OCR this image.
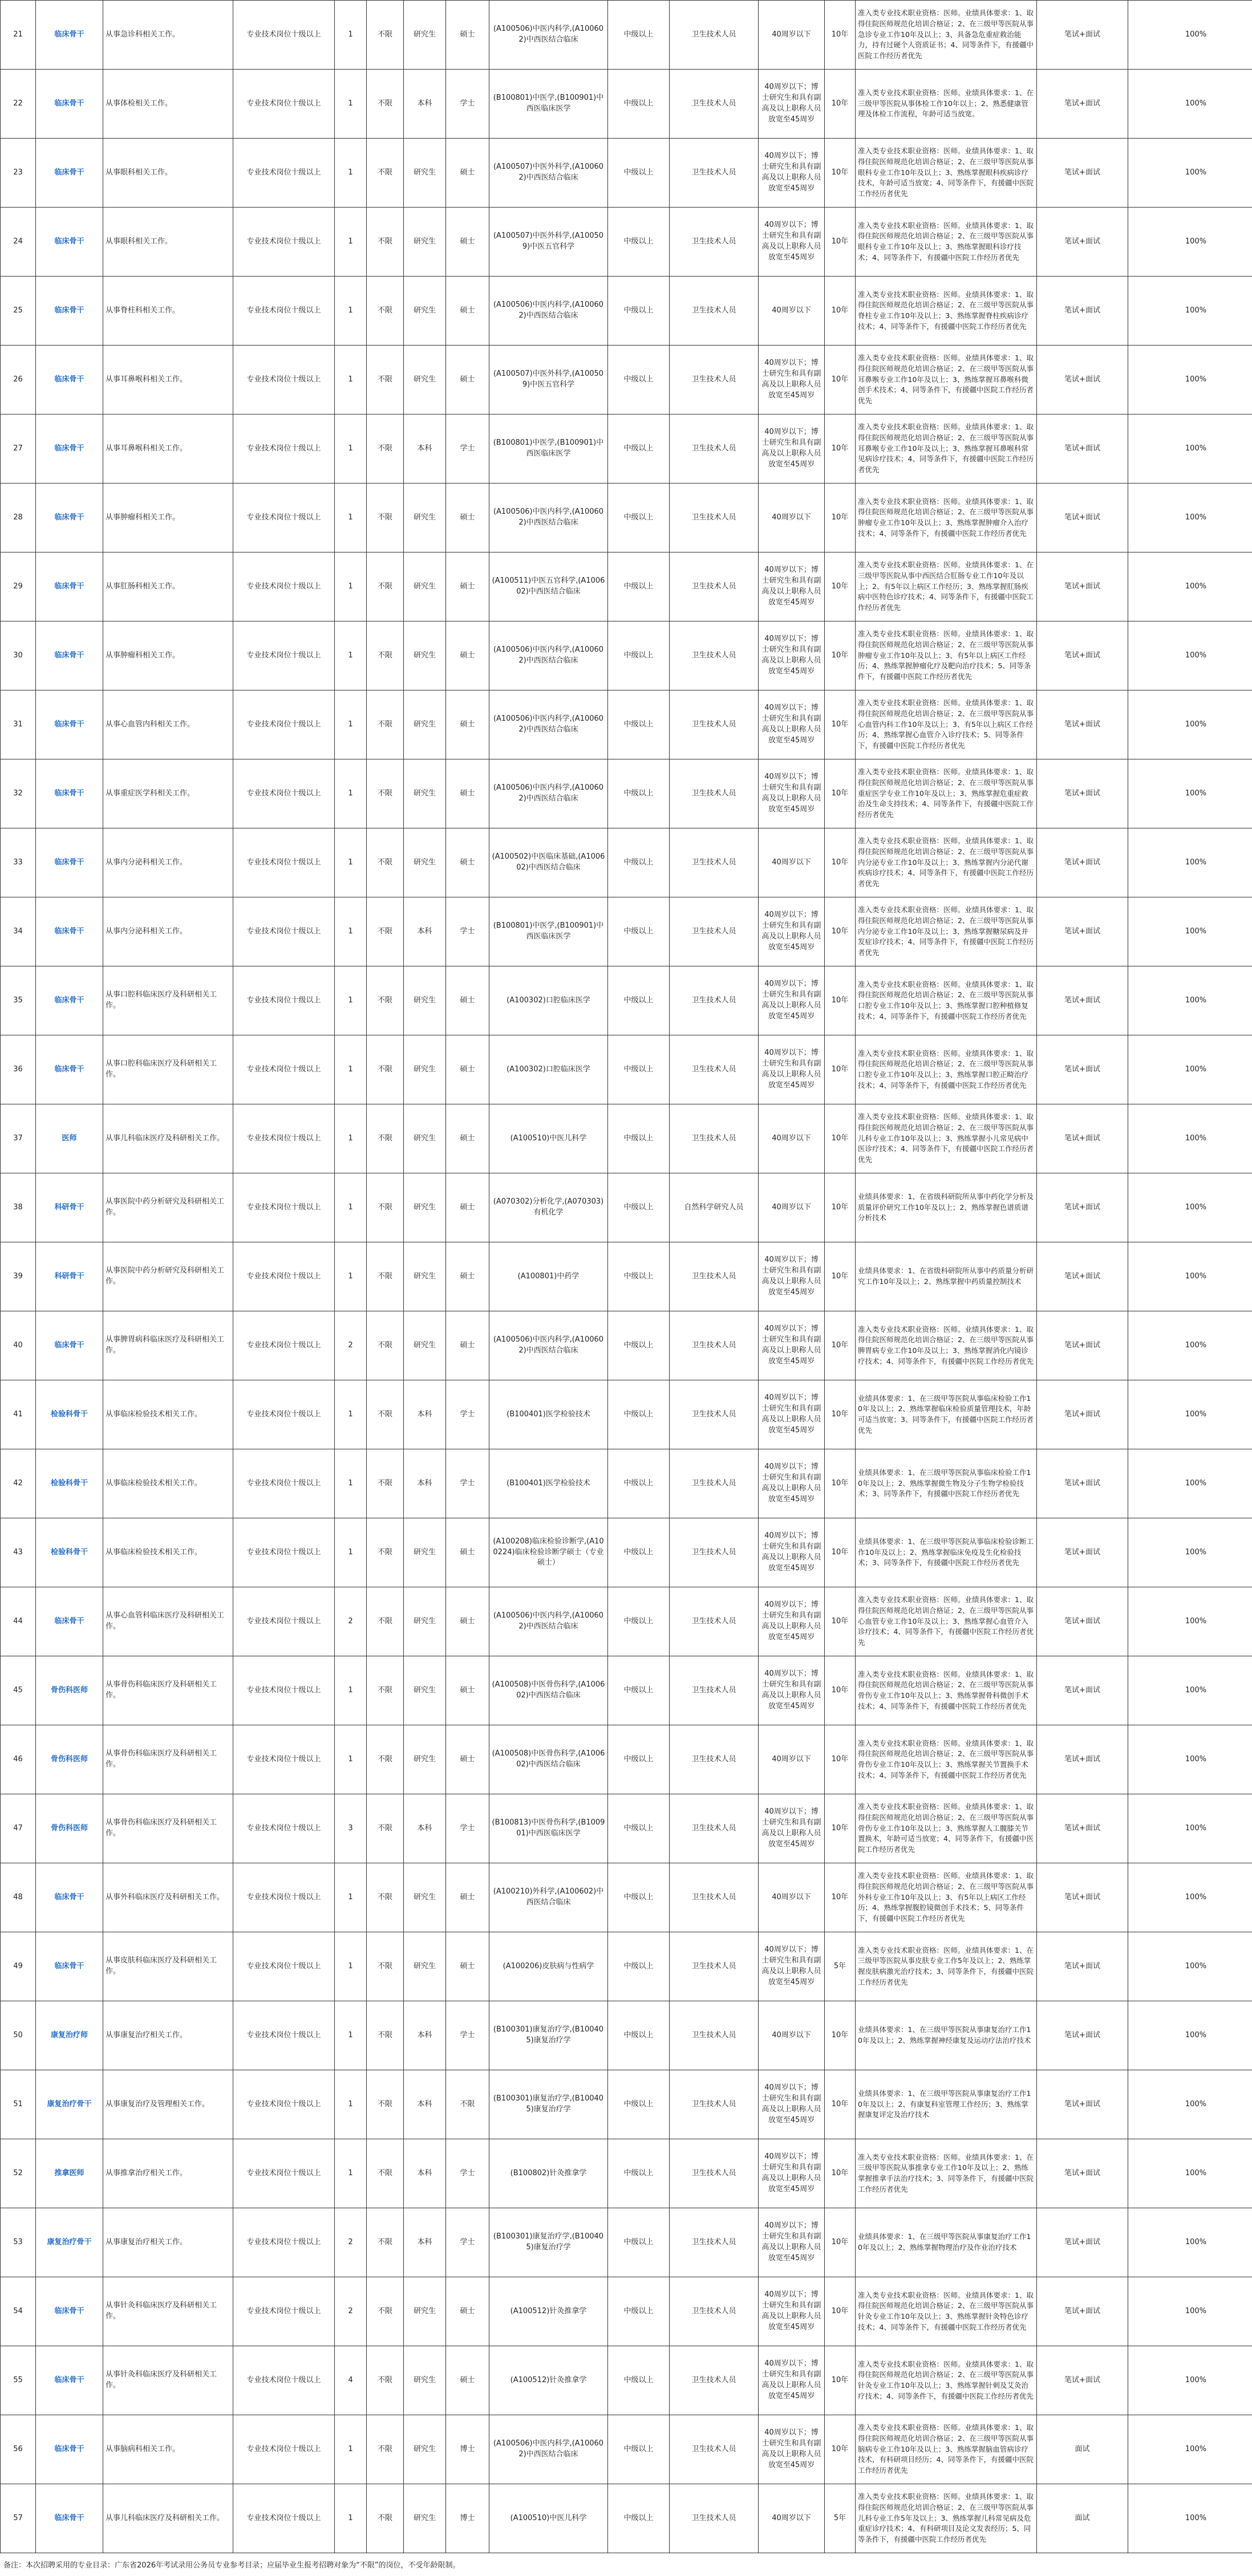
21	临床骨干	从事急诊科相关工作。	专业技术岗位十级以上	1	不限	研究生	硕士	(A100506)中医内科学,(A100602)中西医结合临床	中级以上	卫生技术人员	40周岁以下	10年	准入类专业技术职业资格：医师。业绩具体要求：1、取得住院医师规范化培训合格证；2、在三级甲等医院从事急诊专业工作10年及以上；3、具备急危重症救治能力，持有过硬个人资质证书；4、同等条件下，有援疆中医院工作经历者优先	笔试+面试	100%
22	临床骨干	从事体检相关工作。	专业技术岗位十级以上	1	不限	本科	学士	(B100801)中医学,(B100901)中西医临床医学	中级以上	卫生技术人员	40周岁以下；博士研究生和具有副高及以上职称人员放宽至45周岁	10年	准入类专业技术职业资格：医师。业绩具体要求：1、在三级甲等医院从事体检工作10年以上；2、熟悉健康管理及体检工作流程，年龄可适当放宽。	笔试+面试	100%
23	临床骨干	从事眼科相关工作。	专业技术岗位十级以上	1	不限	研究生	硕士	(A100507)中医外科学,(A100602)中西医结合临床	中级以上	卫生技术人员	40周岁以下；博士研究生和具有副高及以上职称人员放宽至45周岁	10年	准入类专业技术职业资格：医师。业绩具体要求：1、取得住院医师规范化培训合格证；2、在三级甲等医院从事眼科专业工作10年及以上；3、熟练掌握眼科疾病诊疗技术，年龄可适当放宽；4、同等条件下，有援疆中医院工作经历者优先	笔试+面试	100%
24	临床骨干	从事眼科相关工作。	专业技术岗位十级以上	1	不限	研究生	硕士	(A100507)中医外科学,(A100509)中医五官科学	中级以上	卫生技术人员	40周岁以下；博士研究生和具有副高及以上职称人员放宽至45周岁	10年	准入类专业技术职业资格：医师。业绩具体要求：1、取得住院医师规范化培训合格证；2、在三级甲等医院从事眼科专业工作10年及以上；3、熟练掌握眼科诊疗技术；4、同等条件下，有援疆中医院工作经历者优先	笔试+面试	100%
25	临床骨干	从事脊柱科相关工作。	专业技术岗位十级以上	1	不限	研究生	硕士	(A100506)中医内科学,(A100602)中西医结合临床	中级以上	卫生技术人员	40周岁以下	10年	准入类专业技术职业资格：医师。业绩具体要求：1、取得住院医师规范化培训合格证；2、在三级甲等医院从事脊柱专业工作10年及以上；3、熟练掌握脊柱疾病诊疗技术；4、同等条件下，有援疆中医院工作经历者优先	笔试+面试	100%
26	临床骨干	从事耳鼻喉科相关工作。	专业技术岗位十级以上	1	不限	研究生	硕士	(A100507)中医外科学,(A100509)中医五官科学	中级以上	卫生技术人员	40周岁以下；博士研究生和具有副高及以上职称人员放宽至45周岁	10年	准入类专业技术职业资格：医师。业绩具体要求：1、取得住院医师规范化培训合格证；2、在三级甲等医院从事耳鼻喉专业工作10年及以上；3、熟练掌握耳鼻喉科微创手术技术；4、同等条件下，有援疆中医院工作经历者优先	笔试+面试	100%
27	临床骨干	从事耳鼻喉科相关工作。	专业技术岗位十级以上	1	不限	本科	学士	(B100801)中医学,(B100901)中西医临床医学	中级以上	卫生技术人员	40周岁以下；博士研究生和具有副高及以上职称人员放宽至45周岁	10年	准入类专业技术职业资格：医师。业绩具体要求：1、取得住院医师规范化培训合格证；2、在三级甲等医院从事耳鼻喉专业工作10年及以上；3、熟练掌握耳鼻喉科常见病诊疗技术；4、同等条件下，有援疆中医院工作经历者优先	笔试+面试	100%
28	临床骨干	从事肿瘤科相关工作。	专业技术岗位十级以上	1	不限	研究生	硕士	(A100506)中医内科学,(A100602)中西医结合临床	中级以上	卫生技术人员	40周岁以下	10年	准入类专业技术职业资格：医师。业绩具体要求：1、取得住院医师规范化培训合格证；2、在三级甲等医院从事肿瘤专业工作10年及以上；3、熟练掌握肿瘤介入治疗技术；4、同等条件下，有援疆中医院工作经历者优先	笔试+面试	100%
29	临床骨干	从事肛肠科相关工作。	专业技术岗位十级以上	1	不限	研究生	硕士	(A100511)中医五官科学,(A100602)中西医结合临床	中级以上	卫生技术人员	40周岁以下；博士研究生和具有副高及以上职称人员放宽至45周岁	10年	准入类专业技术职业资格：医师。业绩具体要求：1、在三级甲等医院从事中西医结合肛肠专业工作10年及以上；2、有5年以上病区工作经历；3、熟练掌握肛肠疾病中医特色诊疗技术；4、同等条件下，有援疆中医院工作经历者优先	笔试+面试	100%
30	临床骨干	从事肿瘤科相关工作。	专业技术岗位十级以上	1	不限	研究生	硕士	(A100506)中医内科学,(A100602)中西医结合临床	中级以上	卫生技术人员	40周岁以下；博士研究生和具有副高及以上职称人员放宽至45周岁	10年	准入类专业技术职业资格：医师。业绩具体要求：1、取得住院医师规范化培训合格证；2、在三级甲等医院从事肿瘤专业工作10年及以上；3、有5年以上病区工作经历；4、熟练掌握肿瘤化疗及靶向治疗技术；5、同等条件下，有援疆中医院工作经历者优先	笔试+面试	100%
31	临床骨干	从事心血管内科相关工作。	专业技术岗位十级以上	1	不限	研究生	硕士	(A100506)中医内科学,(A100602)中西医结合临床	中级以上	卫生技术人员	40周岁以下；博士研究生和具有副高及以上职称人员放宽至45周岁	10年	准入类专业技术职业资格：医师。业绩具体要求：1、取得住院医师规范化培训合格证；2、在三级甲等医院从事心血管内科工作10年及以上；3、有5年以上病区工作经历；4、熟练掌握心血管介入诊疗技术；5、同等条件下，有援疆中医院工作经历者优先	笔试+面试	100%
32	临床骨干	从事重症医学科相关工作。	专业技术岗位十级以上	1	不限	研究生	硕士	(A100506)中医内科学,(A100602)中西医结合临床	中级以上	卫生技术人员	40周岁以下；博士研究生和具有副高及以上职称人员放宽至45周岁	10年	准入类专业技术职业资格：医师。业绩具体要求：1、取得住院医师规范化培训合格证；2、在三级甲等医院从事重症医学专业工作10年及以上；3、熟练掌握危重症救治及生命支持技术；4、同等条件下，有援疆中医院工作经历者优先	笔试+面试	100%
33	临床骨干	从事内分泌科相关工作。	专业技术岗位十级以上	1	不限	研究生	硕士	(A100502)中医临床基础,(A100602)中西医结合临床	中级以上	卫生技术人员	40周岁以下	10年	准入类专业技术职业资格：医师。业绩具体要求：1、取得住院医师规范化培训合格证；2、在三级甲等医院从事内分泌专业工作10年及以上；3、熟练掌握内分泌代谢疾病诊疗技术；4、同等条件下，有援疆中医院工作经历者优先	笔试+面试	100%
34	临床骨干	从事内分泌科相关工作。	专业技术岗位十级以上	1	不限	本科	学士	(B100801)中医学,(B100901)中西医临床医学	中级以上	卫生技术人员	40周岁以下；博士研究生和具有副高及以上职称人员放宽至45周岁	10年	准入类专业技术职业资格：医师。业绩具体要求：1、取得住院医师规范化培训合格证；2、在三级甲等医院从事内分泌专业工作10年及以上；3、熟练掌握糖尿病及并发症诊疗技术；4、同等条件下，有援疆中医院工作经历者优先	笔试+面试	100%
35	临床骨干	从事口腔科临床医疗及科研相关工作。	专业技术岗位十级以上	1	不限	研究生	硕士	(A100302)口腔临床医学	中级以上	卫生技术人员	40周岁以下；博士研究生和具有副高及以上职称人员放宽至45周岁	10年	准入类专业技术职业资格：医师。业绩具体要求：1、取得住院医师规范化培训合格证；2、在三级甲等医院从事口腔专业工作10年及以上；3、熟练掌握口腔种植修复技术；4、同等条件下，有援疆中医院工作经历者优先	笔试+面试	100%
36	临床骨干	从事口腔科临床医疗及科研相关工作。	专业技术岗位十级以上	1	不限	研究生	硕士	(A100302)口腔临床医学	中级以上	卫生技术人员	40周岁以下；博士研究生和具有副高及以上职称人员放宽至45周岁	10年	准入类专业技术职业资格：医师。业绩具体要求：1、取得住院医师规范化培训合格证；2、在三级甲等医院从事口腔专业工作10年及以上；3、熟练掌握口腔正畸治疗技术；4、同等条件下，有援疆中医院工作经历者优先	笔试+面试	100%
37	医师	从事儿科临床医疗及科研相关工作。	专业技术岗位十级以上	1	不限	研究生	硕士	(A100510)中医儿科学	中级以上	卫生技术人员	40周岁以下	10年	准入类专业技术职业资格：医师。业绩具体要求：1、取得住院医师规范化培训合格证；2、在三级甲等医院从事儿科专业工作10年及以上；3、熟练掌握小儿常见病中医诊疗技术；4、同等条件下，有援疆中医院工作经历者优先	笔试+面试	100%
38	科研骨干	从事医院中药分析研究及科研相关工作。	专业技术岗位十级以上	1	不限	研究生	硕士	(A070302)分析化学,(A070303)有机化学	中级以上	自然科学研究人员	40周岁以下	10年	业绩具体要求：1、在省级科研院所从事中药化学分析及质量评价研究工作10年及以上；2、熟练掌握色谱质谱分析技术	笔试+面试	100%
39	科研骨干	从事医院中药分析研究及科研相关工作。	专业技术岗位十级以上	1	不限	研究生	硕士	(A100801)中药学	中级以上	卫生技术人员	40周岁以下；博士研究生和具有副高及以上职称人员放宽至45周岁	10年	业绩具体要求：1、在省级科研院所从事中药质量分析研究工作10年及以上；2、熟练掌握中药质量控制技术	笔试+面试	100%
40	临床骨干	从事脾胃病科临床医疗及科研相关工作。	专业技术岗位十级以上	2	不限	研究生	硕士	(A100506)中医内科学,(A100602)中西医结合临床	中级以上	卫生技术人员	40周岁以下；博士研究生和具有副高及以上职称人员放宽至45周岁	10年	准入类专业技术职业资格：医师。业绩具体要求：1、取得住院医师规范化培训合格证；2、在三级甲等医院从事脾胃病专业工作10年及以上；3、熟练掌握消化内镜诊疗技术；4、同等条件下，有援疆中医院工作经历者优先	笔试+面试	100%
41	检验科骨干	从事临床检验技术相关工作。	专业技术岗位十级以上	1	不限	本科	学士	(B100401)医学检验技术	中级以上	卫生技术人员	40周岁以下；博士研究生和具有副高及以上职称人员放宽至45周岁	10年	业绩具体要求：1、在三级甲等医院从事临床检验工作10年及以上；2、熟练掌握临床检验质量管理技术，年龄可适当放宽；3、同等条件下，有援疆中医院工作经历者优先	笔试+面试	100%
42	检验科骨干	从事临床检验技术相关工作。	专业技术岗位十级以上	1	不限	本科	学士	(B100401)医学检验技术	中级以上	卫生技术人员	40周岁以下；博士研究生和具有副高及以上职称人员放宽至45周岁	10年	业绩具体要求：1、在三级甲等医院从事临床检验工作10年及以上；2、熟练掌握微生物及分子生物学检验技术；3、同等条件下，有援疆中医院工作经历者优先	笔试+面试	100%
43	检验科骨干	从事临床检验技术相关工作。	专业技术岗位十级以上	1	不限	研究生	硕士	(A100208)临床检验诊断学,(A100224)临床检验诊断学硕士（专业硕士）	中级以上	卫生技术人员	40周岁以下；博士研究生和具有副高及以上职称人员放宽至45周岁	10年	业绩具体要求：1、在三级甲等医院从事临床检验诊断工作10年及以上；2、熟练掌握临床免疫及生化检验技术；3、同等条件下，有援疆中医院工作经历者优先	笔试+面试	100%
44	临床骨干	从事心血管科临床医疗及科研相关工作。	专业技术岗位十级以上	2	不限	研究生	硕士	(A100506)中医内科学,(A100602)中西医结合临床	中级以上	卫生技术人员	40周岁以下；博士研究生和具有副高及以上职称人员放宽至45周岁	10年	准入类专业技术职业资格：医师。业绩具体要求：1、取得住院医师规范化培训合格证；2、在三级甲等医院从事心血管专业工作10年及以上；3、熟练掌握心血管介入诊疗技术；4、同等条件下，有援疆中医院工作经历者优先	笔试+面试	100%
45	骨伤科医师	从事骨伤科临床医疗及科研相关工作。	专业技术岗位十级以上	1	不限	研究生	硕士	(A100508)中医骨伤科学,(A100602)中西医结合临床	中级以上	卫生技术人员	40周岁以下；博士研究生和具有副高及以上职称人员放宽至45周岁	10年	准入类专业技术职业资格：医师。业绩具体要求：1、取得住院医师规范化培训合格证；2、在三级甲等医院从事骨伤专业工作10年及以上；3、熟练掌握骨科微创手术技术；4、同等条件下，有援疆中医院工作经历者优先	笔试+面试	100%
46	骨伤科医师	从事骨伤科临床医疗及科研相关工作。	专业技术岗位十级以上	1	不限	研究生	硕士	(A100508)中医骨伤科学,(A100602)中西医结合临床	中级以上	卫生技术人员	40周岁以下	10年	准入类专业技术职业资格：医师。业绩具体要求：1、取得住院医师规范化培训合格证；2、在三级甲等医院从事骨伤专业工作10年及以上；3、熟练掌握关节置换手术技术；4、同等条件下，有援疆中医院工作经历者优先	笔试+面试	100%
47	骨伤科医师	从事骨伤科临床医疗及科研相关工作。	专业技术岗位十级以上	3	不限	本科	学士	(B100813)中医骨伤科学,(B100901)中西医临床医学	中级以上	卫生技术人员	40周岁以下；博士研究生和具有副高及以上职称人员放宽至45周岁	10年	准入类专业技术职业资格：医师。业绩具体要求：1、取得住院医师规范化培训合格证；2、在三级甲等医院从事骨伤专业工作10年及以上；3、熟练掌握人工髋膝关节置换术，年龄可适当放宽；4、同等条件下，有援疆中医院工作经历者优先	笔试+面试	100%
48	临床骨干	从事外科临床医疗及科研相关工作。	专业技术岗位十级以上	1	不限	研究生	硕士	(A100210)外科学,(A100602)中西医结合临床	中级以上	卫生技术人员	40周岁以下	10年	准入类专业技术职业资格：医师。业绩具体要求：1、取得住院医师规范化培训合格证；2、在三级甲等医院从事外科专业工作10年及以上；3、有5年以上病区工作经历；4、熟练掌握腹腔镜微创手术技术；5、同等条件下，有援疆中医院工作经历者优先	笔试+面试	100%
49	临床骨干	从事皮肤科临床医疗及科研相关工作。	专业技术岗位十级以上	1	不限	研究生	硕士	(A100206)皮肤病与性病学	中级以上	卫生技术人员	40周岁以下；博士研究生和具有副高及以上职称人员放宽至45周岁	5年	准入类专业技术职业资格：医师。业绩具体要求：1、在三级甲等医院从事皮肤专业工作5年及以上；2、熟练掌握皮肤病激光治疗技术；3、同等条件下，有援疆中医院工作经历者优先	笔试+面试	100%
50	康复治疗师	从事康复治疗相关工作。	专业技术岗位十级以上	1	不限	本科	学士	(B100301)康复治疗学,(B100405)康复治疗学	中级以上	卫生技术人员	40周岁以下	10年	业绩具体要求：1、在三级甲等医院从事康复治疗工作10年及以上；2、熟练掌握神经康复及运动疗法治疗技术	笔试+面试	100%
51	康复治疗骨干	从事康复治疗及管理相关工作。	专业技术岗位十级以上	1	不限	本科	不限	(B100301)康复治疗学,(B100405)康复治疗学	中级以上	卫生技术人员	40周岁以下；博士研究生和具有副高及以上职称人员放宽至45周岁	10年	业绩具体要求：1、在三级甲等医院从事康复治疗工作10年及以上；2、有康复科室管理工作经历；3、熟练掌握康复评定及治疗技术	笔试+面试	100%
52	推拿医师	从事推拿治疗相关工作。	专业技术岗位十级以上	1	不限	本科	学士	(B100802)针灸推拿学	中级以上	卫生技术人员	40周岁以下；博士研究生和具有副高及以上职称人员放宽至45周岁	10年	准入类专业技术职业资格：医师。业绩具体要求：1、在三级甲等医院从事推拿专业工作10年及以上；2、熟练掌握推拿手法治疗技术；3、同等条件下，有援疆中医院工作经历者优先	笔试+面试	100%
53	康复治疗骨干	从事康复治疗相关工作。	专业技术岗位十级以上	2	不限	本科	学士	(B100301)康复治疗学,(B100405)康复治疗学	中级以上	卫生技术人员	40周岁以下；博士研究生和具有副高及以上职称人员放宽至45周岁	10年	业绩具体要求：1、在三级甲等医院从事康复治疗工作10年及以上；2、熟练掌握物理治疗及作业治疗技术	笔试+面试	100%
54	临床骨干	从事针灸科临床医疗及科研相关工作。	专业技术岗位十级以上	2	不限	研究生	硕士	(A100512)针灸推拿学	中级以上	卫生技术人员	40周岁以下；博士研究生和具有副高及以上职称人员放宽至45周岁	10年	准入类专业技术职业资格：医师。业绩具体要求：1、取得住院医师规范化培训合格证；2、在三级甲等医院从事针灸专业工作10年及以上；3、熟练掌握针灸特色诊疗技术；4、同等条件下，有援疆中医院工作经历者优先	笔试+面试	100%
55	临床骨干	从事针灸科临床医疗及科研相关工作。	专业技术岗位十级以上	4	不限	研究生	硕士	(A100512)针灸推拿学	中级以上	卫生技术人员	40周岁以下；博士研究生和具有副高及以上职称人员放宽至45周岁	10年	准入类专业技术职业资格：医师。业绩具体要求：1、取得住院医师规范化培训合格证；2、在三级甲等医院从事针灸专业工作10年及以上；3、熟练掌握针刺及艾灸治疗技术；4、同等条件下，有援疆中医院工作经历者优先	笔试+面试	100%
56	临床骨干	从事脑病科相关工作。	专业技术岗位十级以上	1	不限	研究生	博士	(A100506)中医内科学,(A100602)中西医结合临床	中级以上	卫生技术人员	40周岁以下；博士研究生和具有副高及以上职称人员放宽至45周岁	10年	准入类专业技术职业资格：医师。业绩具体要求：1、取得住院医师规范化培训合格证；2、在三级甲等医院从事脑病专业工作10年及以上；3、熟练掌握脑血管病诊疗技术，有科研项目经历；4、同等条件下，有援疆中医院工作经历者优先	面试	100%
57	临床骨干	从事儿科临床医疗及科研相关工作。	专业技术岗位十级以上	1	不限	研究生	博士	(A100510)中医儿科学	中级以上	卫生技术人员	40周岁以下	5年	准入类专业技术职业资格：医师。业绩具体要求：1、取得住院医师规范化培训合格证；2、在三级甲等医院从事儿科专业工作5年及以上；3、熟练掌握儿科常见病及危重症诊疗技术；4、有科研项目及论文发表经历；5、同等条件下，有援疆中医院工作经历者优先	面试	100%
备注：本次招聘采用的专业目录：广东省2026年考试录用公务员专业参考目录；应届毕业生报考招聘对象为“不限”的岗位，不受年龄限制。
